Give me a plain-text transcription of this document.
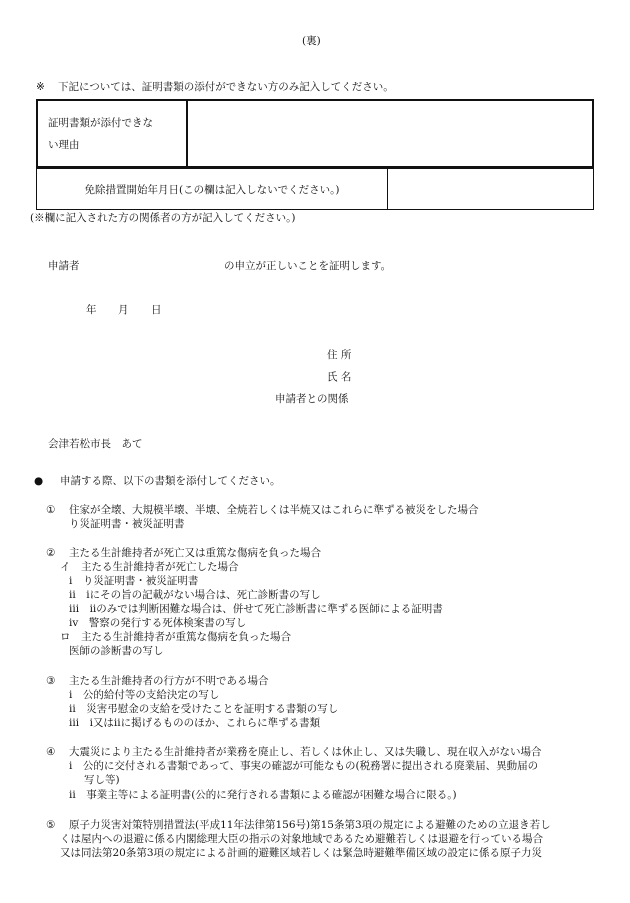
(裏)
※ 下記については、証明書類の添付ができない方のみ記入してください。
証明書類が添付できな
い理由

免除措置開始年月日(この欄は記入しないでください。)	
(※欄に記入された方の関係者の方が記入してください。)
申請者	の申立が正しいことを証明します。
年 月 日
住 所
氏 名
申請者との関係
会津若松市長　あて
● 申請する際、以下の書類を添付してください。
① 住家が全壊、大規模半壊、半壊、全焼若しくは半焼又はこれらに準ずる被災をした場合
り災証明書・被災証明書
② 主たる生計維持者が死亡又は重篤な傷病を負った場合
イ　主たる生計維持者が死亡した場合
i　り災証明書・被災証明書
ii　iにその旨の記載がない場合は、死亡診断書の写し
iii　iiのみでは判断困難な場合は、併せて死亡診断書に準ずる医師による証明書
iv　警察の発行する死体検案書の写し
ロ　主たる生計維持者が重篤な傷病を負った場合
医師の診断書の写し
③ 主たる生計維持者の行方が不明である場合
i　公的給付等の支給決定の写し
ii　災害弔慰金の支給を受けたことを証明する書類の写し
iii　i又はiiに掲げるもののほか、これらに準ずる書類
④ 大震災により主たる生計維持者が業務を廃止し、若しくは休止し、又は失職し、現在収入がない場合
i　公的に交付される書類であって、事実の確認が可能なもの(税務署に提出される廃業届、異動届の
写し等)
ii　事業主等による証明書(公的に発行される書類による確認が困難な場合に限る。)
⑤ 原子力災害対策特別措置法(平成11年法律第156号)第15条第3項の規定による避難のための立退き若し
くは屋内への退避に係る内閣総理大臣の指示の対象地域であるため避難若しくは退避を行っている場合
又は同法第20条第3項の規定による計画的避難区域若しくは緊急時避難準備区域の設定に係る原子力災
